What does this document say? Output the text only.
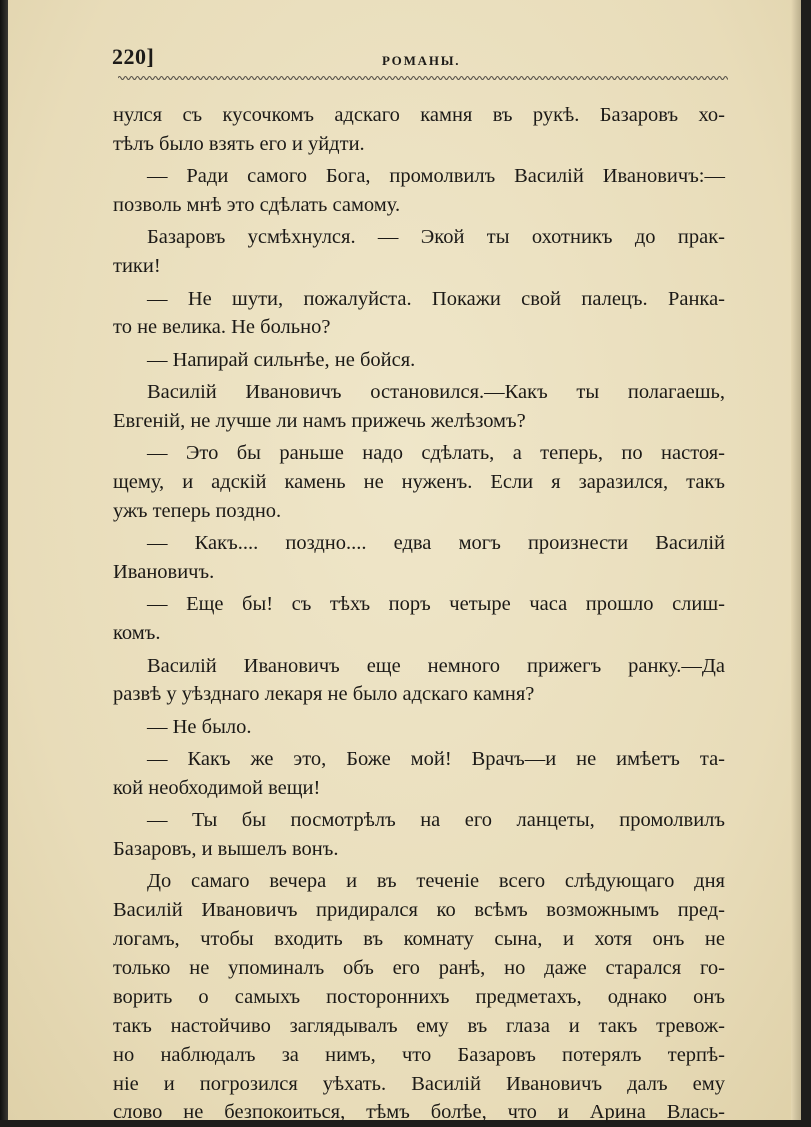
220]	РОМАНЫ.
нулся съ кусочкомъ адскаго камня въ рукѣ. Базаровъ хо-
тѣлъ было взять его и уйдти.
— Ради самого Бога, промолвилъ Василій Ивановичъ:—
позволь мнѣ это сдѣлать самому.
Базаровъ усмѣхнулся. — Экой ты охотникъ до прак-
тики!
— Не шути, пожалуйста. Покажи свой палецъ. Ранка-
то не велика. Не больно?
— Напирай сильнѣе, не бойся.
Василій Ивановичъ остановился.—Какъ ты полагаешь,
Евгеній, не лучше ли намъ прижечь желѣзомъ?
— Это бы раньше надо сдѣлать, а теперь, по настоя-
щему, и адскій камень не нуженъ. Если я заразился, такъ
ужъ теперь поздно.
— Какъ.... поздно.... едва могъ произнести Василій
Ивановичъ.
— Еще бы! съ тѣхъ поръ четыре часа прошло слиш-
комъ.
Василій Ивановичъ еще немного прижегъ ранку.—Да
развѣ у уѣзднаго лекаря не было адскаго камня?
— Не было.
— Какъ же это, Боже мой! Врачъ—и не имѣетъ та-
кой необходимой вещи!
— Ты бы посмотрѣлъ на его ланцеты, промолвилъ
Базаровъ, и вышелъ вонъ.
До самаго вечера и въ теченіе всего слѣдующаго дня
Василій Ивановичъ придирался ко всѣмъ возможнымъ пред-
логамъ, чтобы входить въ комнату сына, и хотя онъ не
только не упоминалъ объ его ранѣ, но даже старался го-
ворить о самыхъ постороннихъ предметахъ, однако онъ
такъ настойчиво заглядывалъ ему въ глаза и такъ тревож-
но наблюдалъ за нимъ, что Базаровъ потерялъ терпѣ-
ніе и погрозился уѣхать. Василій Ивановичъ далъ ему
слово не безпокоиться, тѣмъ болѣе, что и Арина Влась-
